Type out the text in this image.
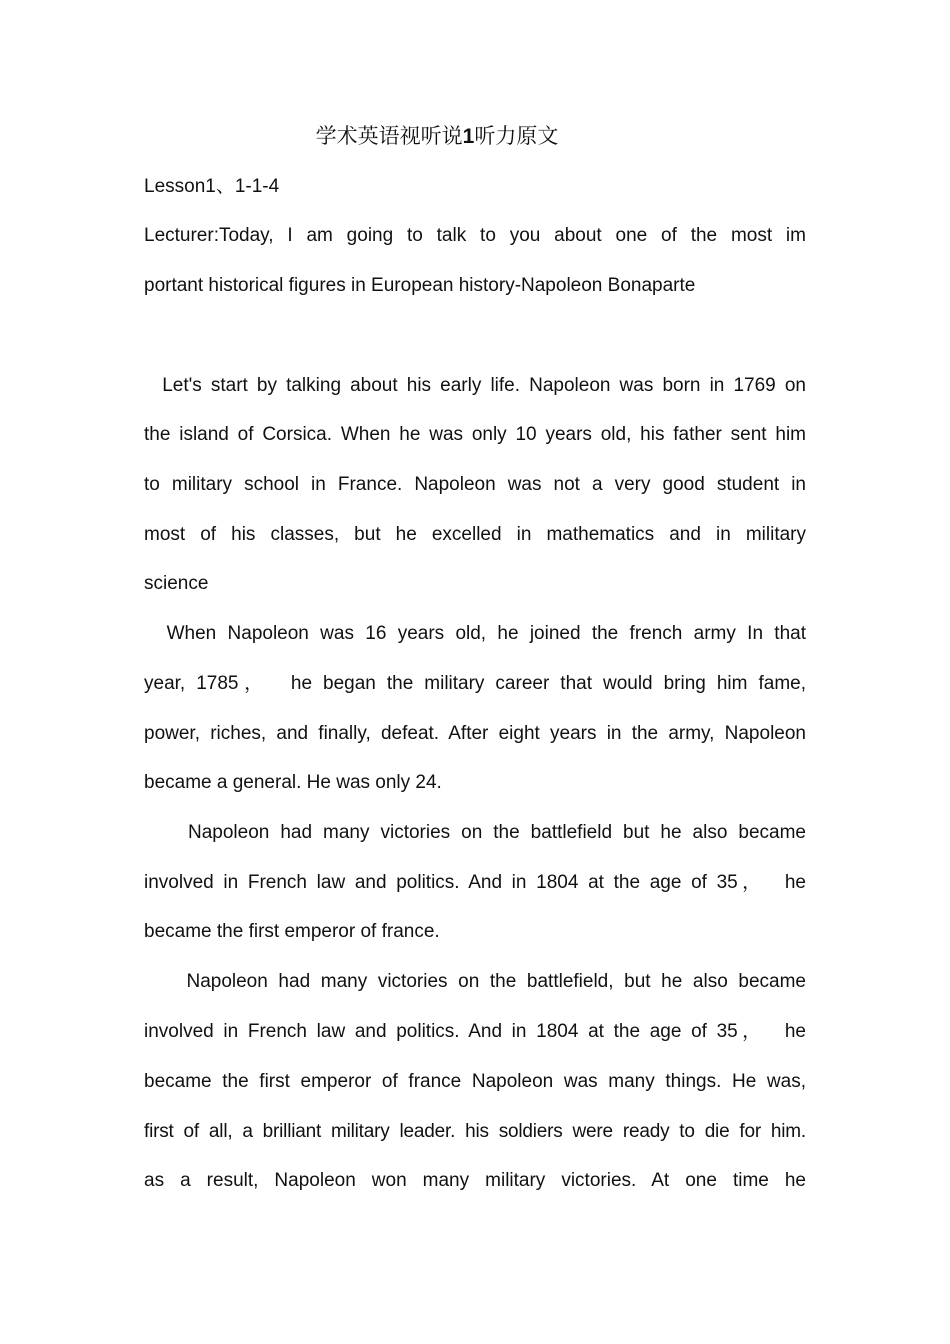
学术英语视听说1听力原文
Lesson1、1-1-4
Lecturer:Today, I am going to talk to you about one of the most im
portant historical figures in European history-Napoleon Bonaparte
Let's start by talking about his early life. Napoleon was born in 1769 on
the island of Corsica. When he was only 10 years old, his father sent him
to military school in France. Napoleon was not a very good student in
most of his classes, but he excelled in mathematics and in military
science
When Napoleon was 16 years old, he joined the french army In that
year, 1785，  he began the military career that would bring him fame,
power, riches, and finally, defeat. After eight years in the army, Napoleon
became a general. He was only 24.
Napoleon had many victories on the battlefield but he also became
involved in French law and politics. And in 1804 at the age of 35，  he
became the first emperor of france.
Napoleon had many victories on the battlefield, but he also became
involved in French law and politics. And in 1804 at the age of 35，  he
became the first emperor of france Napoleon was many things. He was,
first of all, a brilliant military leader. his soldiers were ready to die for him.
as a result, Napoleon won many military victories. At one time he
